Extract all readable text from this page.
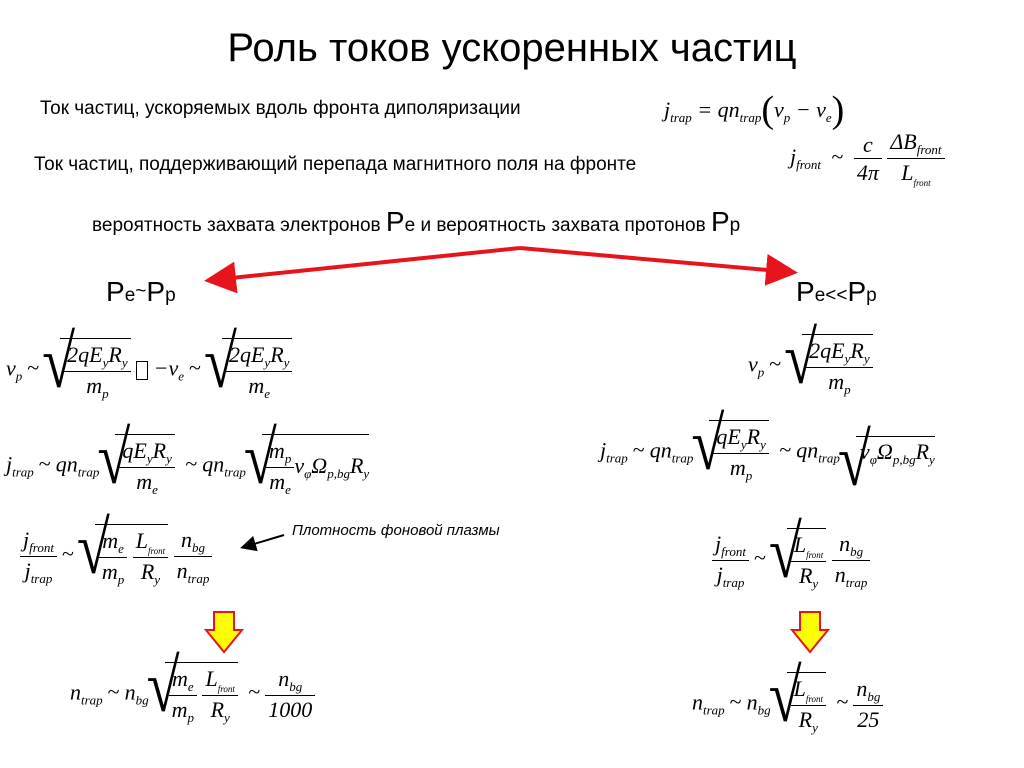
Роль токов ускоренных частиц
Ток частиц, ускоряемых вдоль фронта диполяризации	$j_{trap} = qn_{trap}(v_p - v_e)$
Ток частиц, поддерживающий перепада магнитного поля на фронте	$j_{front}$ ~ $\frac{c}{4\pi}$
$\frac{\Delta B_{front}}{L_{front}}$
вероятность захвата электронов Pe и вероятность захвата протонов Pp
Pe~Pp	Pe<<Pp
$v_p$ ~
√ $\frac{2qE_yR_y}{m_p} -v_e$ ~
√ $\frac{2qE_yR_y}{m_e}$
$j_{trap}$ ~ $qn_{trap}$
√ $\frac{qE_yR_y}{m_e}$ ~ $qn_{trap}$
√ $\frac{m_p}{m_e} v_\varphi\Omega_{p,bg}R_y$
$\frac{j_{front}}{j_{trap}}$ ~
√ $\frac{m_e}{m_p}$
$\frac{L_{front}}{R_y}$
$\frac{n_{bg}}{n_{trap}}$	Плотность фоновой плазмы
$n_{trap}$ ~ $n_{bg}$
√ $\frac{m_e}{m_p}$
$\frac{L_{front}}{R_y}$ ~ $\frac{n_{bg}}{1000}$
$v_p$ ~
√ $\frac{2qE_yR_y}{m_p}$
$j_{trap}$ ~ $qn_{trap}$
√ $\frac{qE_yR_y}{m_p}$ ~ $qn_{trap}√$ $v_\varphi\Omega_{p,bg}R_y$
$\frac{j_{front}}{j_{trap}}$ ~
√ $\frac{L_{front}}{R_y}$
$\frac{n_{bg}}{n_{trap}}$
$n_{trap}$ ~ $n_{bg}$
√ $\frac{L_{front}}{R_y}$ ~ $\frac{n_{bg}}{25}$
